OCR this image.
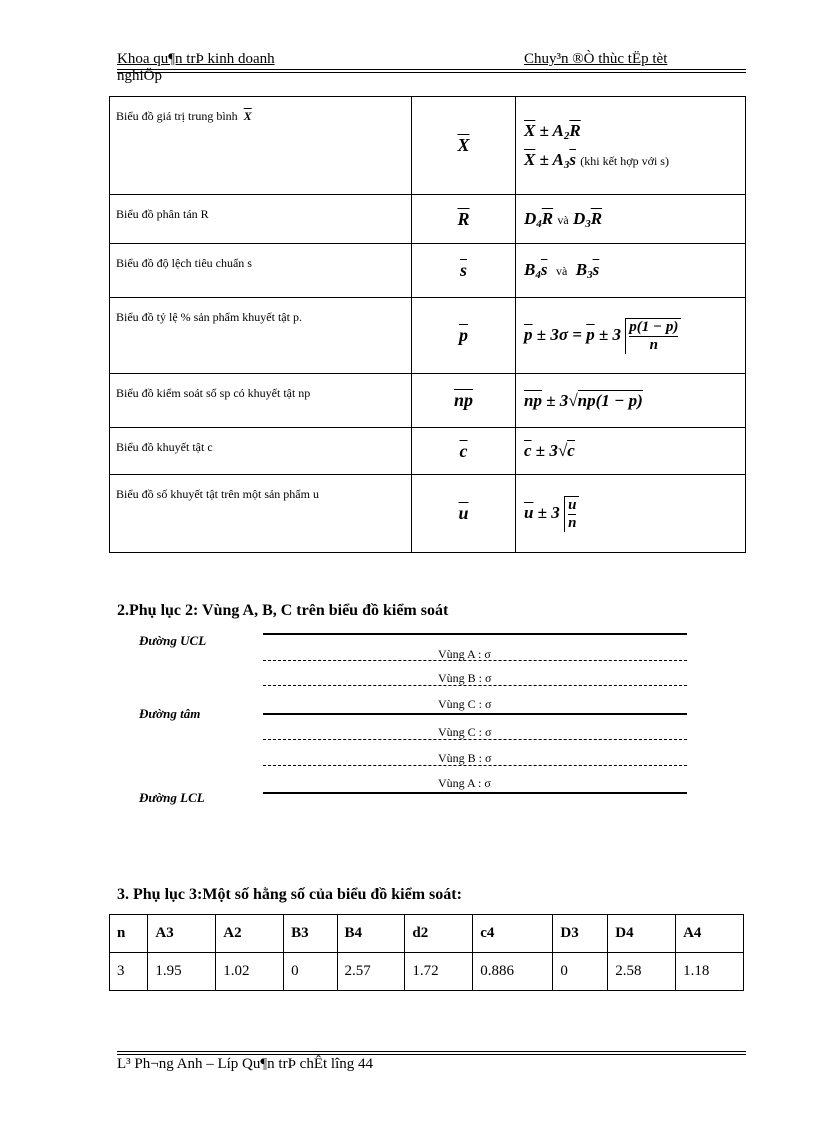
Khoa qu¶n trÞ kinh doanh
nghiÖp
Chuy³n ®Ò thùc tËp tèt
Biểu đồ giá trị trung bình $\overline{X}$	$\overline{X}$	$\overline{X} \pm A_2\overline{R}$
$\overline{X} \pm A_3\overline{s}$ (khi kết hợp với s)

Biểu đồ phân tán R	$\overline{R}$	$D_4\overline{R}$ và $D_3\overline{R}$
Biểu đồ độ lệch tiêu chuẩn s	$\overline{s}$	$B_4\overline{s}$ và  $B_3\overline{s}$
Biểu đồ tỷ lệ % sản phẩm khuyết tật p.	$\overline{p}$	$\overline{p} \pm 3\sigma = \overline{p} \pm 3 \frac{\overline{p}(1 - \overline{p})}{n}$

Biểu đồ kiểm soát số sp có khuyết tật np	$\overline{np}$	$\overline{np} \pm 3√n\overline{p}(1 - \overline{p})$
Biểu đồ khuyết tật c	$\overline{c}$	$\overline{c} \pm 3√c$
Biểu đồ số khuyết tật trên một sản phẩm u	$\overline{u}$	$\overline{u} \pm 3 \frac{u}{n}$
2.Phụ lục 2: Vùng A, B, C trên biểu đồ kiểm soát
Đường UCL
Đường tâm
Đường LCL
Vùng A : σ
Vùng B : σ
Vùng C : σ
Vùng C : σ
Vùng B : σ
Vùng A : σ
3. Phụ lục 3:Một số hằng số của biểu đồ kiểm soát:
n	A3	A2	B3	B4	d2	c4	D3	D4	A4
3	1.95	1.02	0	2.57	1.72	0.886	0	2.58	1.18
L³ Ph¬ng Anh – Líp Qu¶n trÞ chÊt lîng 44
